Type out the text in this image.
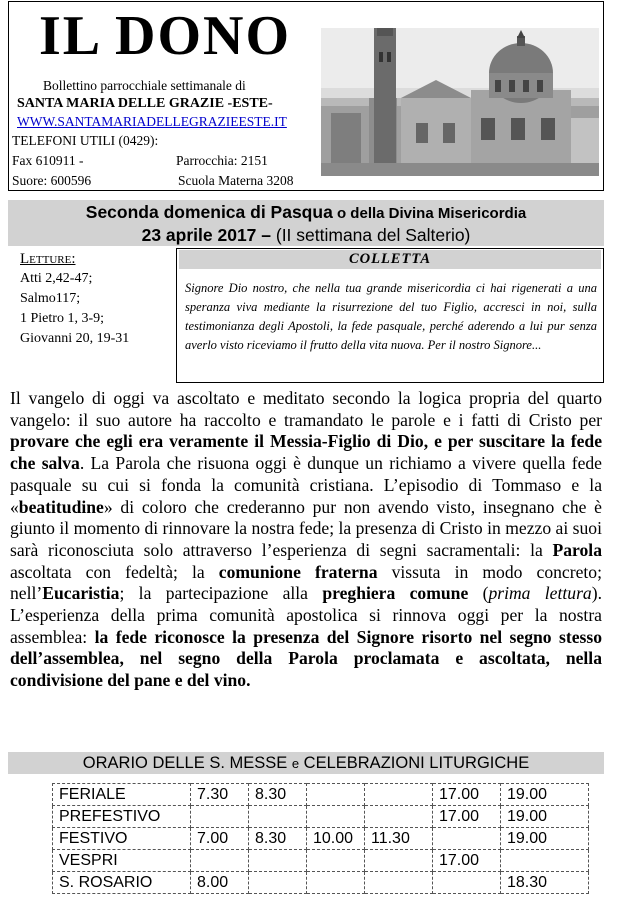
IL DONO
Bollettino parrocchiale settimanale di
SANTA MARIA DELLE GRAZIE -ESTE-
WWW.SANTAMARIADELLEGRAZIEESTE.IT
TELEFONI UTILI (0429):
Fax 610911 -	Parrocchia: 2151
Suore: 600596	Scuola Materna 3208
Seconda domenica di Pasqua o della Divina Misericordia
23 aprile 2017 – (II settimana del Salterio)
Letture:
Atti 2,42-47;
Salmo117;
1 Pietro 1, 3-9;
Giovanni 20, 19-31
COLLETTA
Signore Dio nostro, che nella tua grande misericordia ci hai rigenerati a una speranza viva mediante la risurrezione del tuo Figlio, accresci in noi, sulla testimonianza degli Apostoli, la fede pasquale, perché aderendo a lui pur senza averlo visto riceviamo il frutto della vita nuova. Per il nostro Signore...
Il vangelo di oggi va ascoltato e meditato secondo la logica propria del quarto vangelo: il suo autore ha raccolto e tramandato le parole e i fatti di Cristo per provare che egli era veramente il Messia-Figlio di Dio, e per suscitare la fede che salva. La Parola che risuona oggi è dunque un richiamo a vivere quella fede pasquale su cui si fonda la comunità cristiana. L’episodio di Tommaso e la «beatitudine» di coloro che crederanno pur non avendo visto, insegnano che è giunto il momento di rinnovare la nostra fede; la presenza di Cristo in mezzo ai suoi sarà riconosciuta solo attraverso l’esperienza di segni sacramentali: la Parola ascoltata con fedeltà; la comunione fraterna vissuta in modo concreto; nell’Eucaristia; la partecipazione alla preghiera comune (prima lettura). L’esperienza della prima comunità apostolica si rinnova oggi per la nostra assemblea: la fede riconosce la presenza del Signore risorto nel segno stesso dell’assemblea, nel segno della Parola proclamata e ascoltata, nella condivisione del pane e del vino.
ORARIO DELLE S. MESSE e CELEBRAZIONI LITURGICHE
FERIALE	7.30	8.30			17.00	19.00
PREFESTIVO					17.00	19.00
FESTIVO	7.00	8.30	10.00	11.30		19.00
VESPRI					17.00	
S. ROSARIO	8.00					18.30
